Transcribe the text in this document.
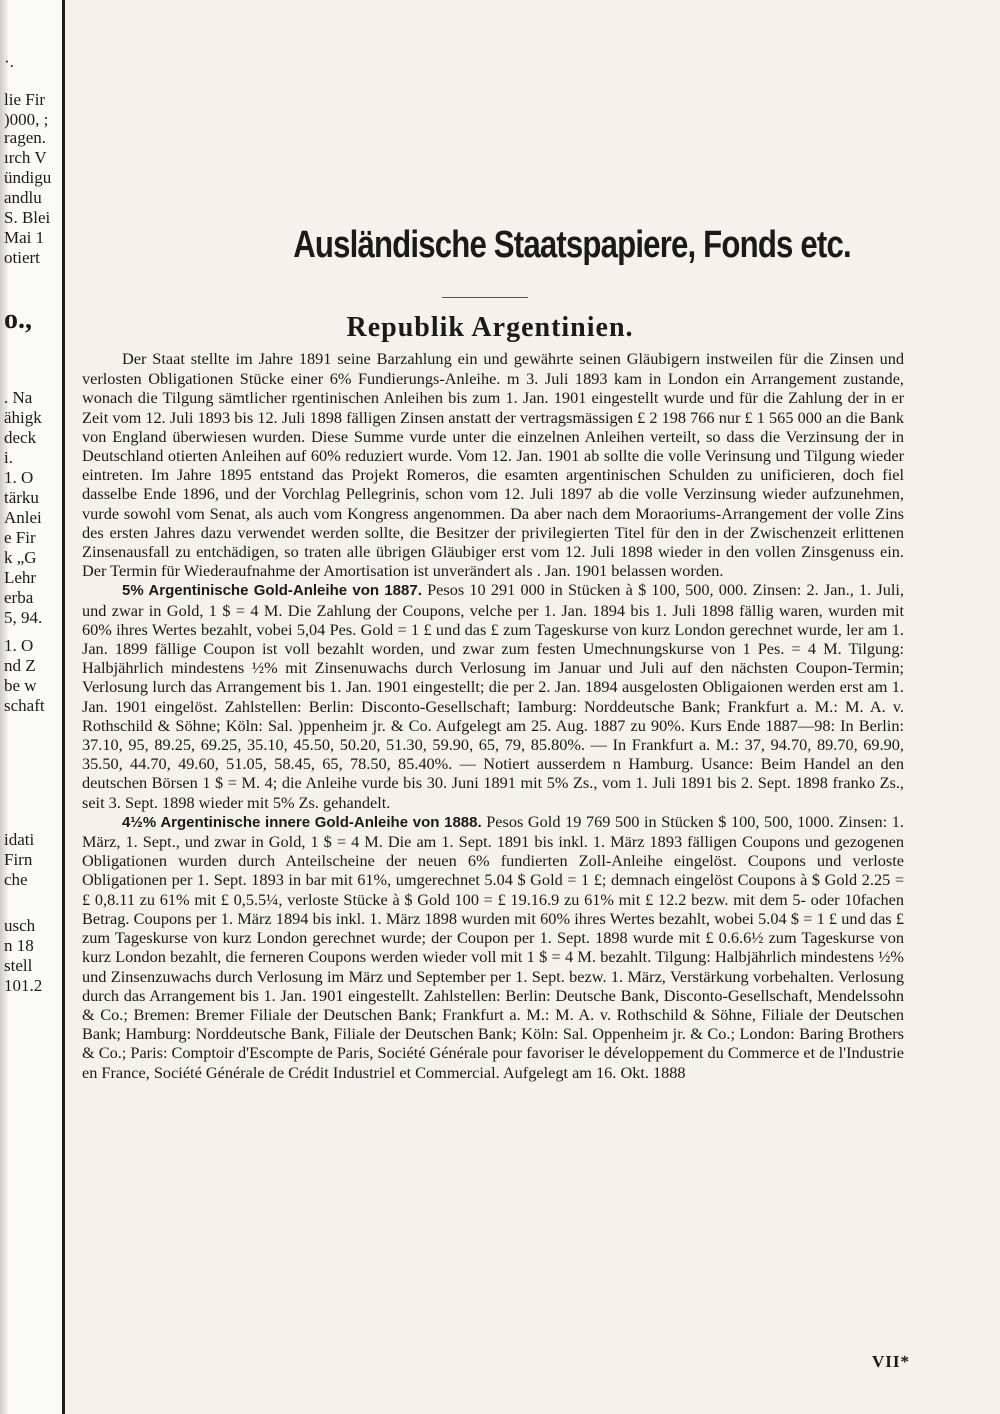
·.
lie Fir
)000, ;
ragen.
ırch V
ündigu
andlu
S. Blei
Mai 1
otiert
o.,
. Na
ähigk
deck
i.
1. O
tärku
Anlei
e Fir
k „G
Lehr
erba
5, 94.
1. O
nd Z
be w
schaft
idati
Firn
che
usch
n 18
stell
101.2
Ausländische Staatspapiere, Fonds etc.
Republik Argentinien.

Der Staat stellte im Jahre 1891 seine Barzahlung ein und gewährte seinen Gläubigern instweilen für die Zinsen und verlosten Obligationen Stücke einer 6% Fundierungs-Anleihe. m 3. Juli 1893 kam in London ein Arrangement zustande, wonach die Tilgung sämtlicher rgentinischen Anleihen bis zum 1. Jan. 1901 eingestellt wurde und für die Zahlung der in er Zeit vom 12. Juli 1893 bis 12. Juli 1898 fälligen Zinsen anstatt der vertragsmässigen £ 2 198 766 nur £ 1 565 000 an die Bank von England überwiesen wurden. Diese Summe vurde unter die einzelnen Anleihen verteilt, so dass die Verzinsung der in Deutschland otierten Anleihen auf 60% reduziert wurde. Vom 12. Jan. 1901 ab sollte die volle Verinsung und Tilgung wieder eintreten. Im Jahre 1895 entstand das Projekt Romeros, die esamten argentinischen Schulden zu unificieren, doch fiel dasselbe Ende 1896, und der Vorchlag Pellegrinis, schon vom 12. Juli 1897 ab die volle Verzinsung wieder aufzunehmen, vurde sowohl vom Senat, als auch vom Kongress angenommen. Da aber nach dem Moraoriums-Arrangement der volle Zins des ersten Jahres dazu verwendet werden sollte, die Besitzer der privilegierten Titel für den in der Zwischenzeit erlittenen Zinsenausfall zu entchädigen, so traten alle übrigen Gläubiger erst vom 12. Juli 1898 wieder in den vollen Zinsgenuss ein. Der Termin für Wiederaufnahme der Amortisation ist unverändert als . Jan. 1901 belassen worden.

5% Argentinische Gold-Anleihe von 1887. Pesos 10 291 000 in Stücken à $ 100, 500, 000. Zinsen: 2. Jan., 1. Juli, und zwar in Gold, 1 $ = 4 M. Die Zahlung der Coupons, velche per 1. Jan. 1894 bis 1. Juli 1898 fällig waren, wurden mit 60% ihres Wertes bezahlt, vobei 5,04 Pes. Gold = 1 £ und das £ zum Tageskurse von kurz London gerechnet wurde, ler am 1. Jan. 1899 fällige Coupon ist voll bezahlt worden, und zwar zum festen Umechnungskurse von 1 Pes. = 4 M. Tilgung: Halbjährlich mindestens ½% mit Zinsenuwachs durch Verlosung im Januar und Juli auf den nächsten Coupon-Termin; Verlosung lurch das Arrangement bis 1. Jan. 1901 eingestellt; die per 2. Jan. 1894 ausgelosten Obligaionen werden erst am 1. Jan. 1901 eingelöst. Zahlstellen: Berlin: Disconto-Gesellschaft; Iamburg: Norddeutsche Bank; Frankfurt a. M.: M. A. v. Rothschild & Söhne; Köln: Sal. )ppenheim jr. & Co. Aufgelegt am 25. Aug. 1887 zu 90%. Kurs Ende 1887—98: In Berlin: 37.10, 95, 89.25, 69.25, 35.10, 45.50, 50.20, 51.30, 59.90, 65, 79, 85.80%. — In Frankfurt a. M.: 37, 94.70, 89.70, 69.90, 35.50, 44.70, 49.60, 51.05, 58.45, 65, 78.50, 85.40%. — Notiert ausserdem n Hamburg. Usance: Beim Handel an den deutschen Börsen 1 $ = M. 4; die Anleihe vurde bis 30. Juni 1891 mit 5% Zs., vom 1. Juli 1891 bis 2. Sept. 1898 franko Zs., seit 3. Sept. 1898 wieder mit 5% Zs. gehandelt.

4½% Argentinische innere Gold-Anleihe von 1888. Pesos Gold 19 769 500 in Stücken $ 100, 500, 1000. Zinsen: 1. März, 1. Sept., und zwar in Gold, 1 $ = 4 M. Die am 1. Sept. 1891 bis inkl. 1. März 1893 fälligen Coupons und gezogenen Obligationen wurden durch Anteilscheine der neuen 6% fundierten Zoll-Anleihe eingelöst. Coupons und verloste Obligationen per 1. Sept. 1893 in bar mit 61%, umgerechnet 5.04 $ Gold = 1 £; demnach eingelöst Coupons à $ Gold 2.25 = £ 0,8.11 zu 61% mit £ 0,5.5¼, verloste Stücke à $ Gold 100 = £ 19.16.9 zu 61% mit £ 12.2 bezw. mit dem 5- oder 10fachen Betrag. Coupons per 1. März 1894 bis inkl. 1. März 1898 wurden mit 60% ihres Wertes bezahlt, wobei 5.04 $ = 1 £ und das £ zum Tageskurse von kurz London gerechnet wurde; der Coupon per 1. Sept. 1898 wurde mit £ 0.6.6½ zum Tageskurse von kurz London bezahlt, die ferneren Coupons werden wieder voll mit 1 $ = 4 M. bezahlt. Tilgung: Halbjährlich mindestens ½% und Zinsenzuwachs durch Verlosung im März und September per 1. Sept. bezw. 1. März, Verstärkung vorbehalten. Verlosung durch das Arrangement bis 1. Jan. 1901 eingestellt. Zahlstellen: Berlin: Deutsche Bank, Disconto-Gesellschaft, Mendelssohn & Co.; Bremen: Bremer Filiale der Deutschen Bank; Frankfurt a. M.: M. A. v. Rothschild & Söhne, Filiale der Deutschen Bank; Hamburg: Norddeutsche Bank, Filiale der Deutschen Bank; Köln: Sal. Oppenheim jr. & Co.; London: Baring Brothers & Co.; Paris: Comptoir d'Escompte de Paris, Société Générale pour favoriser le développement du Commerce et de l'Industrie en France, Société Générale de Crédit Industriel et Commercial. Aufgelegt am 16. Okt. 1888

VII*
